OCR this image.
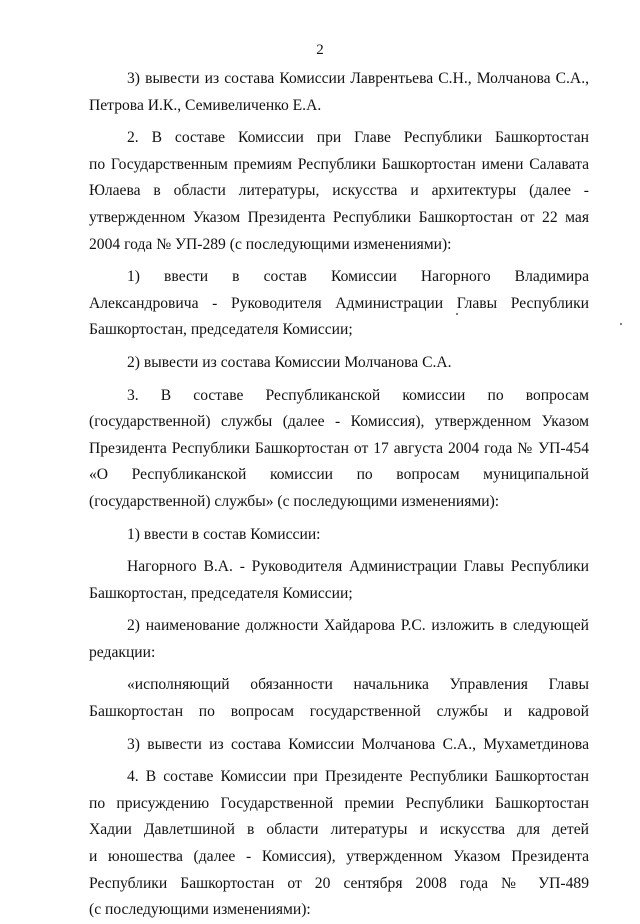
2
3) вывести из состава Комиссии Лаврентьева С.Н., Молчанова С.А.,
Петрова И.К., Семивеличенко Е.А.
2. В составе Комиссии при Главе Республики Башкортостан
по Государственным премиям Республики Башкортостан имени Салавата
Юлаева в области литературы, искусства и архитектуры (далее -
утвержденном Указом Президента Республики Башкортостан от 22 мая
2004 года № УП-289 (с последующими изменениями):
1) ввести в состав Комиссии Нагорного Владимира
Александровича - Руководителя Администрации Главы Республики
Башкортостан, председателя Комиссии;
2) вывести из состава Комиссии Молчанова С.А.
3. В составе Республиканской комиссии по вопросам
(государственной) службы (далее - Комиссия), утвержденном Указом
Президента Республики Башкортостан от 17 августа 2004 года № УП-454
«О Республиканской комиссии по вопросам муниципальной
(государственной) службы» (с последующими изменениями):
1) ввести в состав Комиссии:
Нагорного В.А. - Руководителя Администрации Главы Республики
Башкортостан, председателя Комиссии;
2) наименование должности Хайдарова Р.С. изложить в следующей
редакции:
«исполняющий обязанности начальника Управления Главы
Башкортостан по вопросам государственной службы и кадровой
3) вывести из состава Комиссии Молчанова С.А., Мухаметдинова
4. В составе Комиссии при Президенте Республики Башкортостан
по присуждению Государственной премии Республики Башкортостан
Хадии Давлетшиной в области литературы и искусства для детей
и юношества (далее - Комиссия), утвержденном Указом Президента
Республики Башкортостан от 20 сентября 2008 года № УП-489
(с последующими изменениями):
